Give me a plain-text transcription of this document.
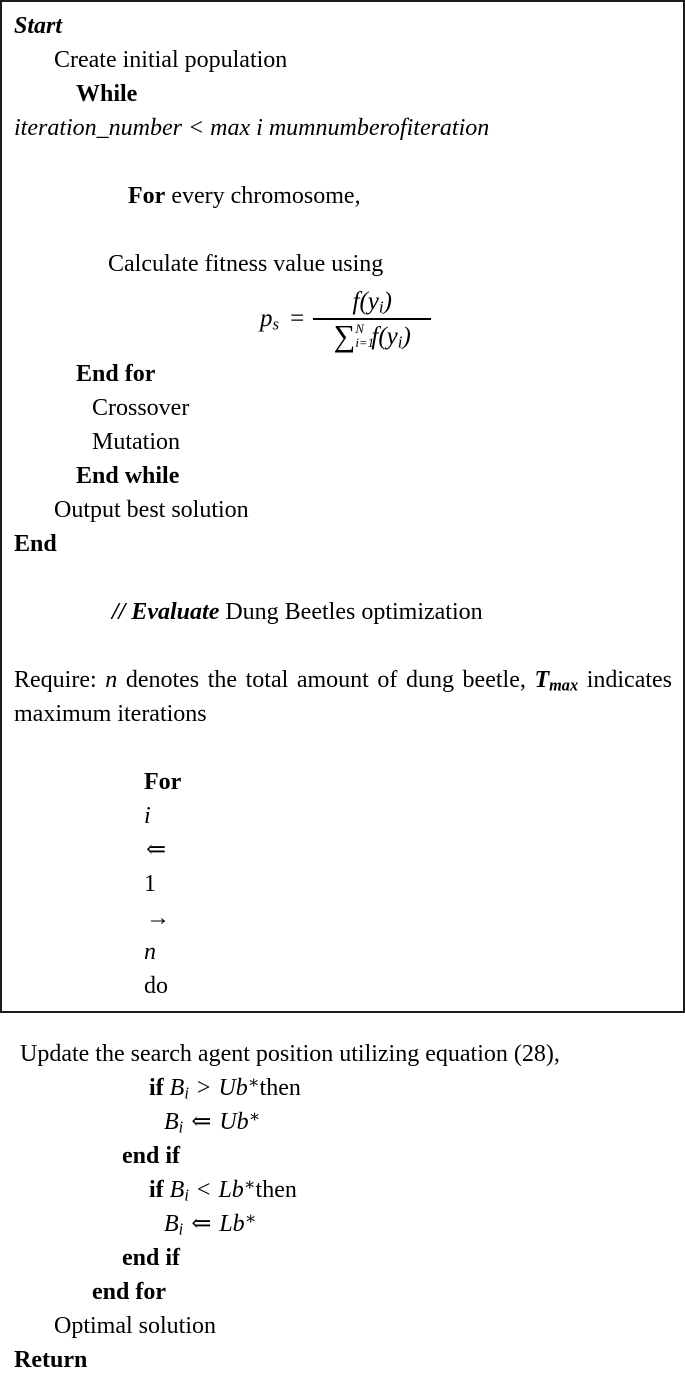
Start
Create initial population
While
iteration_number < max i mumnumberofiteration

For every chromosome,

Calculate fitness value using
$p_s$ =
$f(y_i)$
∑ N
i=1
$f(y_i)$
End for
Crossover
Mutation
End while
Output best solution
End

// Evaluate Dung Beetles optimization

Require: n denotes the total amount of dung beetle, $T_{max}$ indicates maximum iterations

For
i
⇐
1
→
n
do

Update the search agent position utilizing equation (28),
if $B_i$ > Ub∗then
$B_i$ ⇐ Ub∗
end if
if $B_i$ < Lb∗then
$B_i$ ⇐ Lb∗
end if
end for
Optimal solution
Return
